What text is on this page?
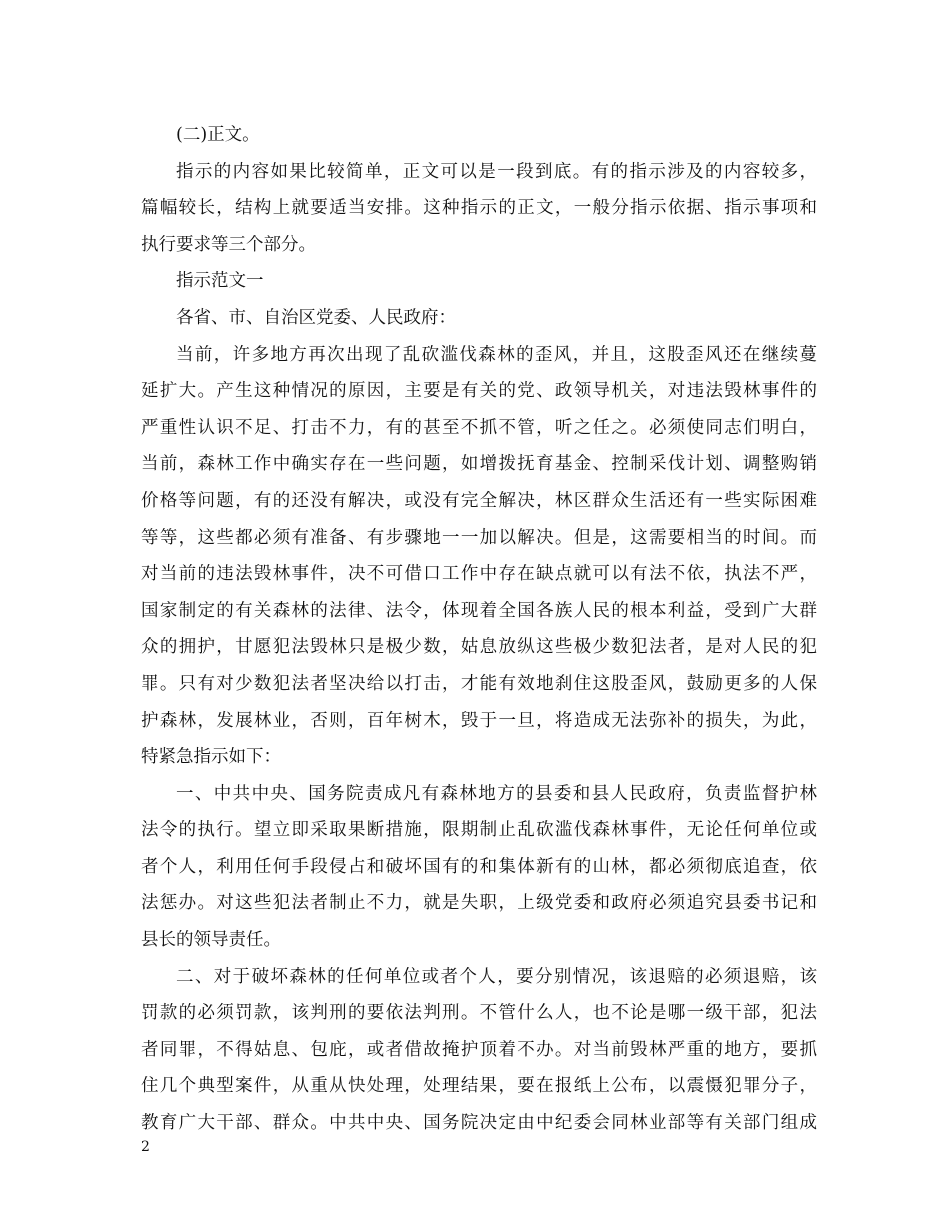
(二)正文。
指示的内容如果比较简单，正文可以是一段到底。有的指示涉及的内容较多，
篇幅较长，结构上就要适当安排。这种指示的正文，一般分指示依据、指示事项和
执行要求等三个部分。
指示范文一
各省、市、自治区党委、人民政府：
当前，许多地方再次出现了乱砍滥伐森林的歪风，并且，这股歪风还在继续蔓
延扩大。产生这种情况的原因，主要是有关的党、政领导机关，对违法毁林事件的
严重性认识不足、打击不力，有的甚至不抓不管，听之任之。必须使同志们明白，
当前，森林工作中确实存在一些问题，如增拨抚育基金、控制采伐计划、调整购销
价格等问题，有的还没有解决，或没有完全解决，林区群众生活还有一些实际困难
等等，这些都必须有准备、有步骤地一一加以解决。但是，这需要相当的时间。而
对当前的违法毁林事件，决不可借口工作中存在缺点就可以有法不依，执法不严，
国家制定的有关森林的法律、法令，体现着全国各族人民的根本利益，受到广大群
众的拥护，甘愿犯法毁林只是极少数，姑息放纵这些极少数犯法者，是对人民的犯
罪。只有对少数犯法者坚决给以打击，才能有效地刹住这股歪风，鼓励更多的人保
护森林，发展林业，否则，百年树木，毁于一旦，将造成无法弥补的损失，为此，
特紧急指示如下：
一、中共中央、国务院责成凡有森林地方的县委和县人民政府，负责监督护林
法令的执行。望立即采取果断措施，限期制止乱砍滥伐森林事件，无论任何单位或
者个人，利用任何手段侵占和破坏国有的和集体新有的山林，都必须彻底追查，依
法惩办。对这些犯法者制止不力，就是失职，上级党委和政府必须追究县委书记和
县长的领导责任。
二、对于破坏森林的任何单位或者个人，要分别情况，该退赔的必须退赔，该
罚款的必须罚款，该判刑的要依法判刑。不管什么人，也不论是哪一级干部，犯法
者同罪，不得姑息、包庇，或者借故掩护顶着不办。对当前毁林严重的地方，要抓
住几个典型案件，从重从快处理，处理结果，要在报纸上公布，以震慑犯罪分子，
教育广大干部、群众。中共中央、国务院决定由中纪委会同林业部等有关部门组成
2
